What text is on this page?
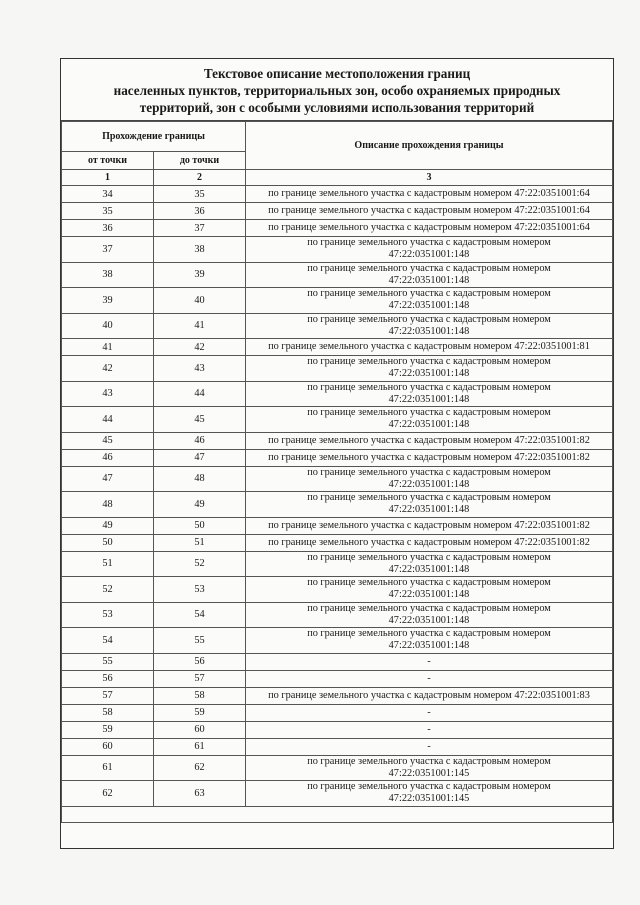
Текстовое описание местоположения границ
населенных пунктов, территориальных зон, особо охраняемых природных
территорий, зон с особыми условиями использования территорий
Прохождение границы		Описание прохождения границы
от точки	до точки	
1	2	3
34	35	по границе земельного участка с кадастровым номером 47:22:0351001:64

35	36	по границе земельного участка с кадастровым номером 47:22:0351001:64

36	37	по границе земельного участка с кадастровым номером 47:22:0351001:64

37	38	по границе земельного участка с кадастровым номером
47:22:0351001:148

38	39	по границе земельного участка с кадастровым номером
47:22:0351001:148

39	40	по границе земельного участка с кадастровым номером
47:22:0351001:148

40	41	по границе земельного участка с кадастровым номером
47:22:0351001:148

41	42	по границе земельного участка с кадастровым номером 47:22:0351001:81

42	43	по границе земельного участка с кадастровым номером
47:22:0351001:148

43	44	по границе земельного участка с кадастровым номером
47:22:0351001:148

44	45	по границе земельного участка с кадастровым номером
47:22:0351001:148

45	46	по границе земельного участка с кадастровым номером 47:22:0351001:82

46	47	по границе земельного участка с кадастровым номером 47:22:0351001:82

47	48	по границе земельного участка с кадастровым номером
47:22:0351001:148

48	49	по границе земельного участка с кадастровым номером
47:22:0351001:148

49	50	по границе земельного участка с кадастровым номером 47:22:0351001:82

50	51	по границе земельного участка с кадастровым номером 47:22:0351001:82

51	52	по границе земельного участка с кадастровым номером
47:22:0351001:148

52	53	по границе земельного участка с кадастровым номером
47:22:0351001:148

53	54	по границе земельного участка с кадастровым номером
47:22:0351001:148

54	55	по границе земельного участка с кадастровым номером
47:22:0351001:148

55	56	-

56	57	-

57	58	по границе земельного участка с кадастровым номером 47:22:0351001:83

58	59	-

59	60	-

60	61	-

61	62	по границе земельного участка с кадастровым номером
47:22:0351001:145

62	63	по границе земельного участка с кадастровым номером
47:22:0351001:145
